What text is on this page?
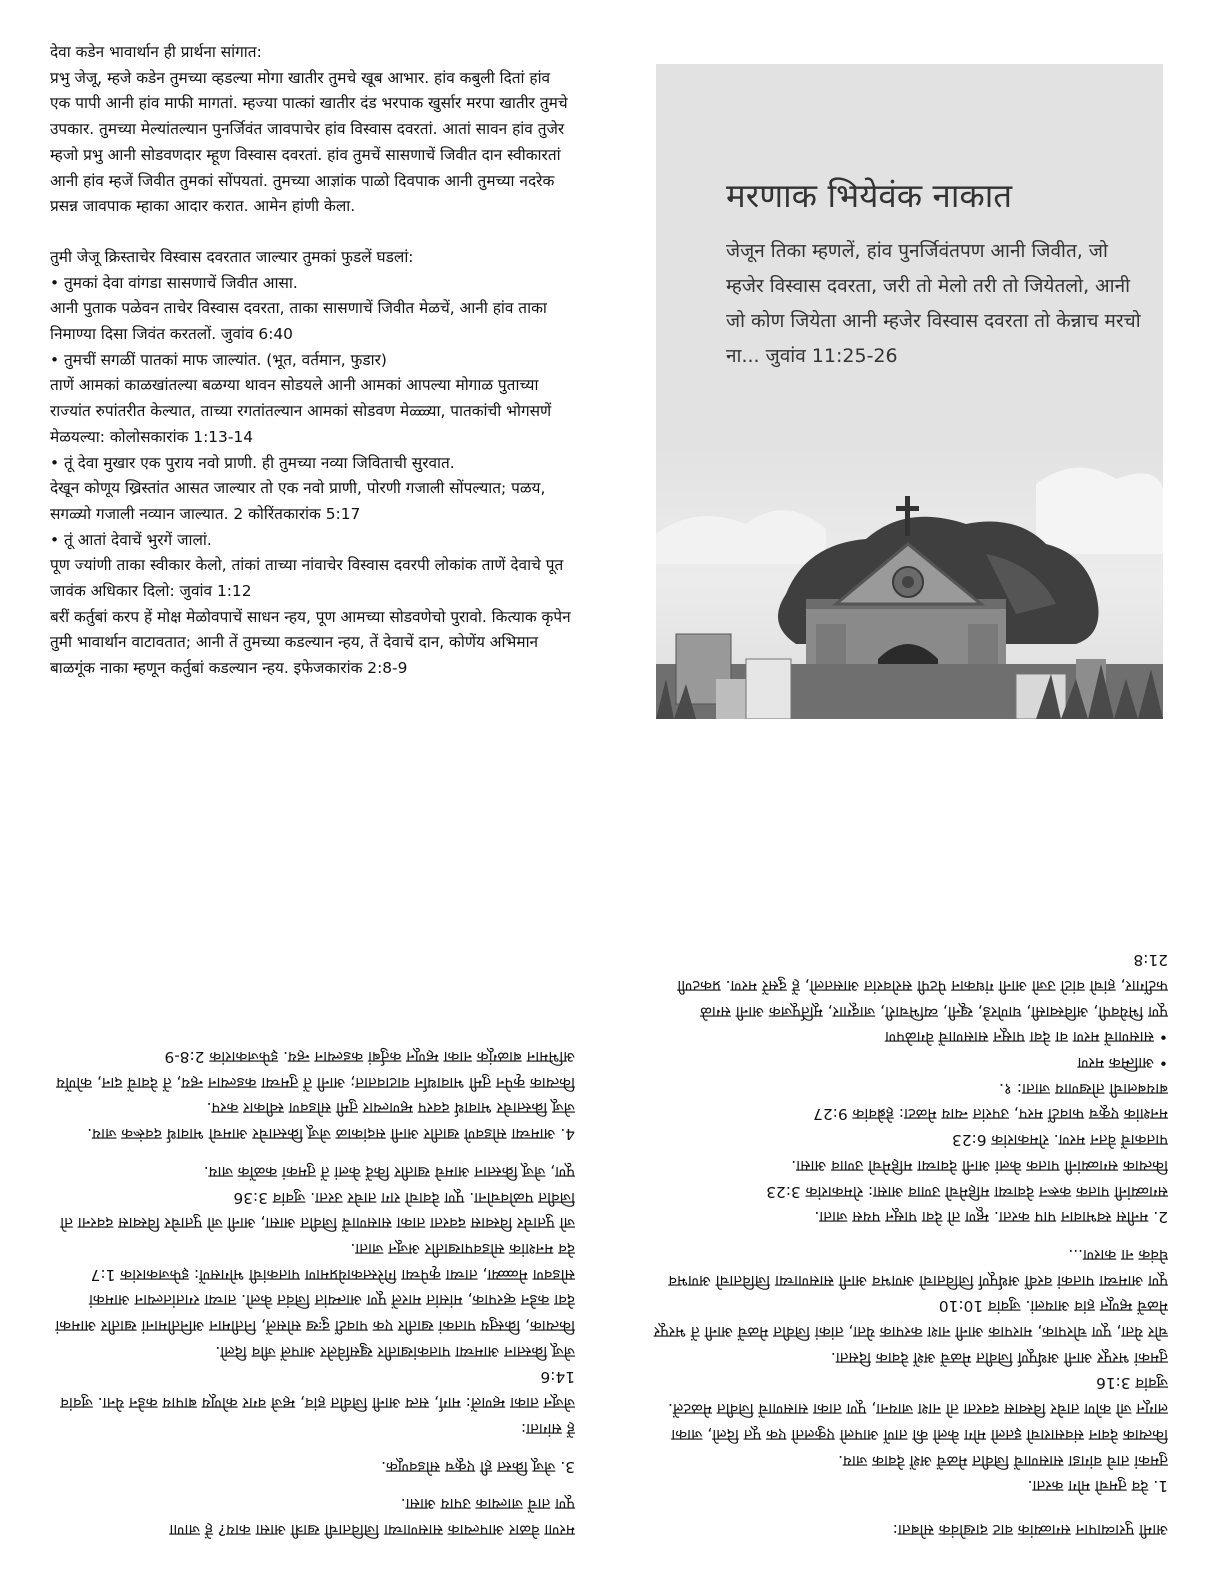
देवा कडेन भावार्थान ही प्रार्थना सांगात:

प्रभु जेजू, म्हजे कडेन तुमच्या व्हडल्या मोगा खातीर तुमचे खूब आभार. हांव कबुली दितां हांव एक पापी आनी हांव माफी मागतां. म्हज्या पात्कां खातीर दंड भरपाक खुर्सार मरपा खातीर तुमचे उपकार. तुमच्या मेल्यांतल्यान पुनर्जिवंत जावपाचेर हांव विस्वास दवरतां. आतां सावन हांव तुजेर म्हजो प्रभु आनी सोडवणदार म्हूण विस्वास दवरतां. हांव तुमचें सासणाचें जिवीत दान स्वीकारतां आनी हांव म्हजें जिवीत तुमकां सोंपयतां. तुमच्या आज्ञांक पाळो दिवपाक आनी तुमच्या नदरेक प्रसन्न जावपाक म्हाका आदार करात. आमेन हांणी केला.

तुमी जेजू क्रिस्ताचेर विस्वास दवरतात जाल्यार तुमकां फुडलें घडलां:

• तुमकां देवा वांगडा सासणाचें जिवीत आसा.
आनी पुताक पळेवन ताचेर विस्वास दवरता, ताका सासणाचें जिवीत मेळचें, आनी हांव ताका निमाण्या दिसा जिवंत करतलों. जुवांव 6:40

• तुमचीं सगळीं पातकां माफ जाल्यांत. (भूत, वर्तमान, फुडार)
ताणें आमकां काळखांतल्या बळग्या थावन सोडयले आनी आमकां आपल्या मोगाळ पुताच्या राज्यांत रुपांतरीत केल्यात, ताच्या रगतांतल्यान आमकां सोडवण मेळ्ळ्या, पातकांची भोगसणें मेळयल्या: कोलोसकारांक 1:13-14

• तूं देवा मुखार एक पुराय नवो प्राणी. ही तुमच्या नव्या जिविताची सुरवात.
देखून कोणूय ख्रिस्तांत आसत जाल्यार तो एक नवो प्राणी, पोरणी गजाली सोंपल्यात; पळय, सगळ्यो गजाली नव्यान जाल्यात. 2 कोरिंतकारांक 5:17

• तूं आतां देवाचें भुरगें जालां.
पूण ज्यांणी ताका स्वीकार केलो, तांकां ताच्या नांवाचेर विस्वास दवरपी लोकांक ताणें देवाचे पूत जावंक अधिकार दिलो: जुवांव 1:12

बरीं कर्तुबां करप हें मोक्ष मेळोवपाचें साधन न्हय, पूण आमच्या सोडवणेचो पुरावो. कित्याक कृपेन तुमी भावार्थान वाटावतात; आनी तें तुमच्या कडल्यान न्हय, तें देवाचें दान, कोणेंय अभिमान बाळगूंक नाका म्हणून कर्तुबां कडल्यान न्हय. इफेजकारांक 2:8-9

मरणाक भियेवंक नाकात

जेजून तिका म्हणलें, हांव पुनर्जिवंतपण आनी जिवीत, जो म्हजेर विस्वास दवरता, जरी तो मेलो तरी तो जियेतलो, आनी जो कोण जियेता आनी म्हजेर विस्वास दवरता तो केन्नाच मरचो ना... जुवांव 11:25-26

मरणा वेळार आपल्याक सासणाच्या जिविताची खात्री आसा काय? हें जाणा

पूण ताचें जाल्याक उपाय आसा.

3. जेजू क्रिस्त ही एकूच सोडवणूक.

हें सांगता:

जेजून ताका म्हणलें: मार्ग, सत्य आनी जिवीत हांव, म्हजे वगर कोणूय बापाय कडेन येना. जुवांव 14:6

जेजू क्रिस्तान आमच्या पातकांखातीर खुर्सावेलेर आपलें जीव दिलो.

कित्याक, क्रिस्तुय पातकां खातीर एक पावटीं दुःख सोसलें, नितीमान अनितीमानां खातीर आमकां देवा कडेन व्हरपाक, मांसांत मारलें पूण आत्म्यांत जिवंत केलो. ताच्या रगतांतल्यान आमकां सोडवण मेळ्ळ्या, ताच्या कृपेच्या गिरेस्तकायेप्रमाण पातकांची भोगसणें: इफेजकारांक 1:7

देव मनशांक सोडवपाखातीर अजून जाता.

जो पुताचेर विस्वास दवरता ताका सासणाचें जिवीत आसा, आनी जो पुताचेर विस्वास दवरना तो जिवीत पळोवचोना. पूण देवाचो राग ताचेर उरता. जुवांव 3:36

पूण, जेजू क्रिस्तान आमचे खातीर किदें केलां तें तुमकां कळोंक जाय.

4. आमच्या सोडवणे खातीर आनी सदांकाळ जेजू क्रिस्ताचेर आमचो भावार्थ दवरूंक जाय.

जेजू क्रिस्ताचेर भावार्थ दवरप म्हणल्यार तुमी सोडवण स्वीकार करप.

कित्याक कृपेन तुमी भावार्थान वाटावतात; आनी तें तुमच्या कडल्यान न्हय, तें देवाचें दान, कोणेंय अभिमान बाळगूंक नाका म्हणून कर्तुबां कडल्यान न्हय. इफेजकारांक 2:8-9

आमी पुराव्यापान सगळ्यांक वाट दाखोवंक सोबता:

1. देव तुमचो मोग करता.

तुमकां ताचे वांगडा सासणाचें जिवीत मेळचें अशें देवाक जाय.

कित्याक देवान संवसाराचो इतलो मोग केलो की ताणें आपलो एकुलतो एक पूत दिलो, जाका लागून जो कोण ताचेर विस्वास दवरता तो नाश जायना, पूण ताका सासणाचें जिवीत मेळटलें. जुवांव 3:16

तुमकां भरपूर आनी अर्थपूर्ण जिवीत मेळचें अशें देवाक दिसता.

चोर येता, पूण चोरपाक, मारपाक आनी नाश करपाक येता, तांकां जिवीत मेळचें आनी तें भरपूर मेळचें म्हणून हांव आयलां. जुवांव 10:10

पूण आमच्या पातकां वरवीं अर्थपूर्ण जिविताचो अणभव आनी सासणाच्या जिविताचो अणभव घेवंक ना कारण...

2. मनीस स्वभावान पाप करता. म्हूण तो देवा पासून पयस जाता.

सगळ्यांनी पातक करून देवाच्या महिमेचो उणाव आसा: रोमकारांक 3:23

कित्याक सगळ्यांनी पातक केलां आनी देवाच्या महिमेचो उणाव आसा.

पातकाचें वेतन मरण. रोमकारांक 6:23

मनशांक एकूच फावटीं मरप, उपरांत न्याय मेळटा: हेब्रेवांक 9:27

बायबलाची तोखणाय जाता: १.

• आत्मिक मरण

• सासणाचें मरण वा देवा पासून सासणाचें वेगळेपण

पूण भियेवपी, अविस्वासी, घाणेरडे, खूनी, व्यभिचारी, जादूगार, मूर्तिपूजक आनी सगळे फटींगार, हांचो वांटो उजो आनी गंधकान पेटपी सरोवरांत आसतलो, हें दुसरें मरण. प्रकटणी 21:8
